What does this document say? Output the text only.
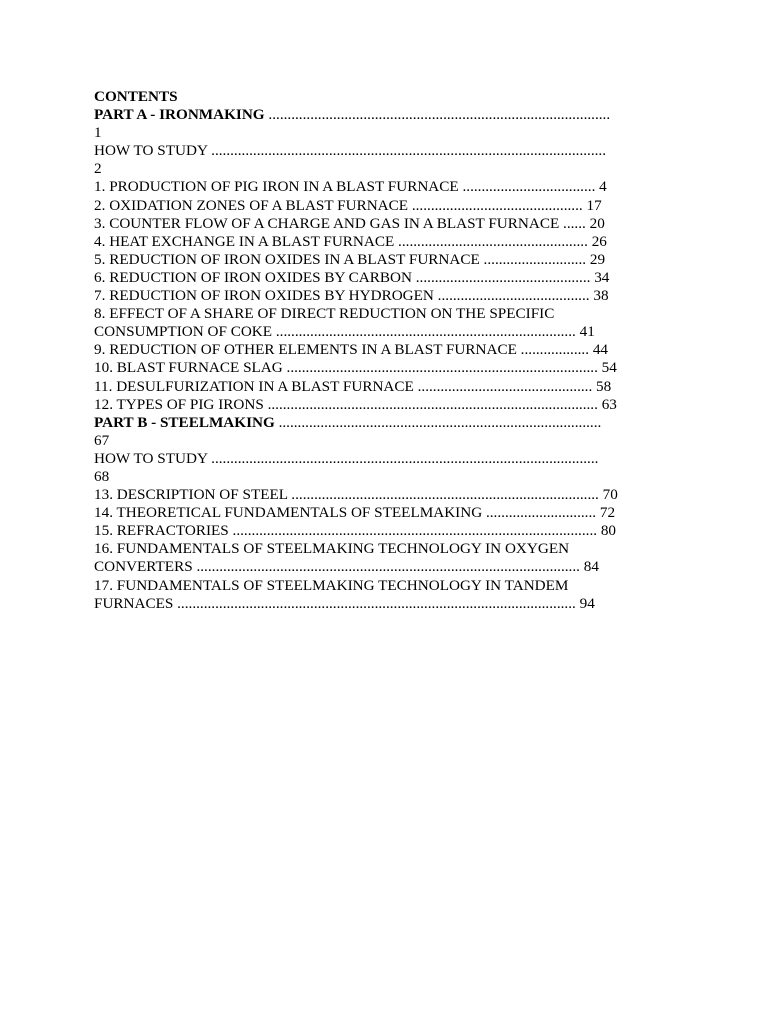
CONTENTS
PART A - IRONMAKING ..........................................................................................
1
HOW TO STUDY ........................................................................................................
2
1. PRODUCTION OF PIG IRON IN A BLAST FURNACE ................................... 4
2. OXIDATION ZONES OF A BLAST FURNACE ............................................. 17
3. COUNTER FLOW OF A CHARGE AND GAS IN A BLAST FURNACE ...... 20
4. HEAT EXCHANGE IN A BLAST FURNACE .................................................. 26
5. REDUCTION OF IRON OXIDES IN A BLAST FURNACE ........................... 29
6. REDUCTION OF IRON OXIDES BY CARBON .............................................. 34
7. REDUCTION OF IRON OXIDES BY HYDROGEN ........................................ 38
8. EFFECT OF A SHARE OF DIRECT REDUCTION ON THE SPECIFIC
CONSUMPTION OF COKE ............................................................................... 41
9. REDUCTION OF OTHER ELEMENTS IN A BLAST FURNACE .................. 44
10. BLAST FURNACE SLAG .................................................................................. 54
11. DESULFURIZATION IN A BLAST FURNACE .............................................. 58
12. TYPES OF PIG IRONS ....................................................................................... 63
PART B - STEELMAKING .....................................................................................
67
HOW TO STUDY ......................................................................................................
68
13. DESCRIPTION OF STEEL ................................................................................. 70
14. THEORETICAL FUNDAMENTALS OF STEELMAKING ............................. 72
15. REFRACTORIES ................................................................................................ 80
16. FUNDAMENTALS OF STEELMAKING TECHNOLOGY IN OXYGEN
CONVERTERS ..................................................................................................... 84
17. FUNDAMENTALS OF STEELMAKING TECHNOLOGY IN TANDEM
FURNACES ......................................................................................................... 94
